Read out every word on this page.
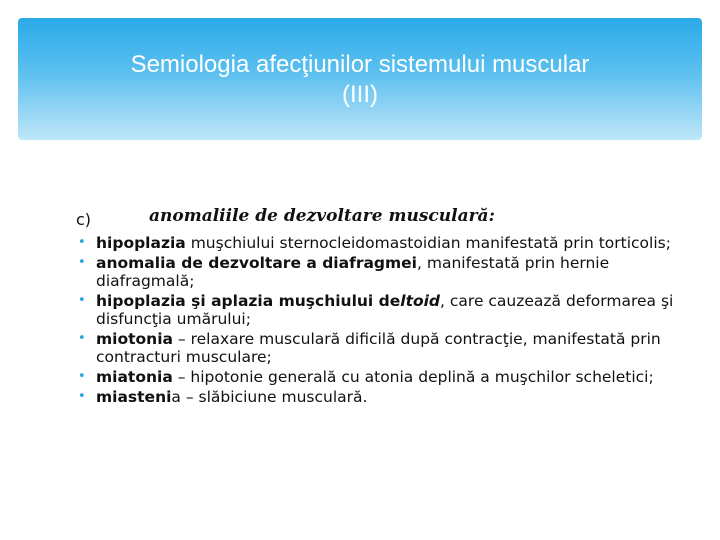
Semiologia afecţiunilor sistemului muscular
(III)
c)	anomaliile de dezvoltare musculară:
• hipoplazia muşchiului sternocleidomastoidian manifestată prin torticolis;
• anomalia de dezvoltare a diafragmei, manifestată prin hernie diafragmală;
• hipoplazia şi aplazia muşchiului deltoid, care cauzează deformarea şi disfuncţia umărului;
• miotonia – relaxare musculară dificilă după contracţie, manifestată prin contracturi musculare;
• miatonia – hipotonie generală cu atonia deplină a muşchilor scheletici;
• miastenia – slăbiciune musculară.
